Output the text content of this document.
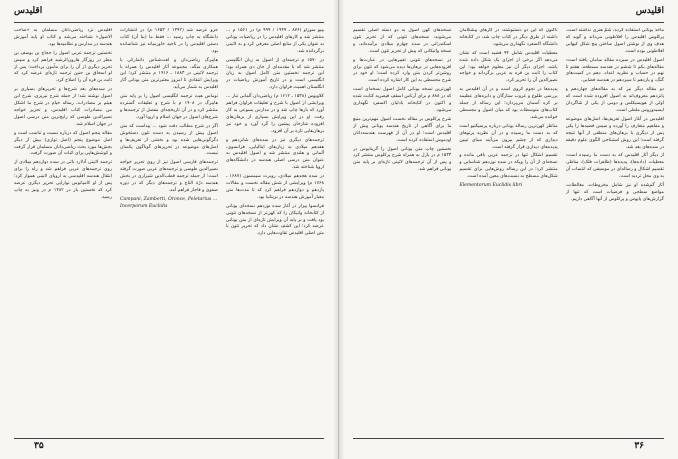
اقلیدس

مِیو سوزاو (۸۷۶ ـ ۱۹۴۹ / ۹۹۹ م) در ۱۵۶۱ م ... منتشر شد و کارهای اقلیدس را در ریاضیات یونانی به عنوان یکی از منابع اصلی معرفی کرد و به لاتینی برگردانده شد.

در ۱۵۷۰ م ترجمه‌ای از اصول به زبان انگلیسی منتشر شد که با مقدمه‌ای از جان دی همراه بود؛ این ترجمه نخستین متن کامل اصول به زبان انگلیسی است و در تاریخ آموزش ریاضیات در انگلستان اهمیت فراوان دارد.

کلاویوس (۱۵۳۸ ـ ۱۶۱۲ م) ریاضی‌دان آلمانی تبار ... ویرایشی از اصول با شرح و تعلیقات فراوان فراهم آورد که بارها چاپ شد و در مدارس یسوعی به کار رفت. او در این ویرایش بسیاری از برهان‌های افزوده شارحان پیشین را گرد آورد و خود نیز برهان‌هایی تازه بر آن افزود.

ترجمه‌های دیگری نیز در سده‌های شانزدهم و هفدهم میلادی به زبان‌های ایتالیایی، فرانسوی، آلمانی و هلندی منتشر شد و اصول اقلیدس به عنوان متن درسی اصلی هندسه در دانشگاه‌های اروپا شناخته شد.

در سده هجدهم میلادی، روبرت سیمسون (۱۶۸۷ ـ ۱۷۶۸ م) ویرایشی از شش مقاله نخست و مقالات یازدهم و دوازدهم فراهم کرد که تا مدت‌ها متن معیار آموزش هندسه در بریتانیا بود.

فرانسوا پیرار در آغاز سده نوزدهم نسخه‌ای یونانی از کتابخانه واتیکان را که کهن‌تر از نسخه‌های تئونی بود یافت و بر پایه آن ویرایش تازه‌ای از متن یونانی عرضه کرد؛ این کشف نشان داد که تحریر تئون با متن اصلی اقلیدس تفاوت‌هایی دارد.

جزو عرضه شد (۱۳۹۲ / ۱۶۵۳ م) در انتشارات دانشگاه به چاپ رسید ... فقط ما (بنا آن) کتاب دستی اقلیدس را در ناحیه خاورمیانه نیز شناسانده بود.

هایبرگ ریاضی‌دان و لغت‌شناس دانمارکی با همکاری منگه، مجموعه آثار اقلیدس را همراه با ترجمه لاتینی در ۱۸۸۳ ـ ۱۹۱۶ م منتشر کرد؛ این ویرایش انتقادی تا امروز معتبرترین متن یونانی آثار اقلیدس به شمار می‌آید.

توماس هیث ترجمه انگلیسی اصول را بر پایه متن هایبرگ در ۱۹۰۸ م با شرح و تعلیقات گسترده منتشر کرد و در آن تاریخچه‌ای مفصل از ترجمه‌ها و شرح‌های اصول در جهان اسلام و اروپا آورد.

اگر در شرح مطالب دقت شود ... پیداست که متن اصول پیش از رسیدن به دست تئون دستخوش دگرگونی‌هایی شده بود و بخشی از تعریف‌ها و اصل‌های موضوعه در تحریرهای گوناگون یکسان نیست.

ترجمه‌های فارسی اصول نیز از روی تحریر خواجه نصیرالدین طوسی و ترجمه‌های عربی صورت گرفته است؛ از جمله ترجمه قطب‌الدین شیرازی در بخش هندسه درّة التاج و ترجمه‌های دیگر که در دوره صفوی و قاجار فراهم آمد.

Campani, Zamberti, Oronce, Peletarius ... Incerporum Euclidis

اقلیدس نزد ریاضی‌دانان مسلمان به «صاحب الاصول» شناخته می‌شد و کتاب او پایه آموزش هندسه در مدارس و نظامیه‌ها بود.

نخستین ترجمه عربی اصول را حجاج بن یوسف بن مطر در روزگار هارون‌الرشید فراهم کرد و سپس تحریر دیگری از آن را برای مأمون پرداخت؛ پس از او اسحاق بن حنین ترجمه تازه‌ای عرضه کرد که ثابت بن قره آن را اصلاح کرد.

در سده‌های بعد شرح‌ها و تحریرهای بسیاری بر اصول نوشته شد؛ از جمله شرح نیریزی، شرح ابن هیثم بر مصادرات، رساله خیام در شرح ما اشکل من مصادرات کتاب اقلیدس، و تحریر خواجه نصیرالدین طوسی که رایج‌ترین متن درسی اصول در جهان اسلام شد.

مقاله پنجم اصول که درباره نسبت و تناسب است و اصل موضوع پنجم (اصل توازی) بیش از دیگر بخش‌ها مورد بحث ریاضی‌دانان مسلمان قرار گرفت و کوشش‌هایی برای اثبات آن صورت گرفت.

ترجمه لاتینی آدلارد باثی در سده دوازدهم میلادی از روی ترجمه‌های عربی فراهم شد و راه را برای انتقال هندسه اقلیدسی به اروپای لاتینی هموار کرد؛ پس از او کامپانوس نوارایی تحریر دیگری عرضه کرد که نخستین بار در ۱۴۸۲ م در ونیز به چاپ رسید.

۳۵
اقلیدس

مآخذ یونانی استفاده کرده، شمّ هنری نداشته است. پرکلوس اقلیدس را افلاطونی می‌داند و گوید که هدف وی از نوشتن اصول ساختن پنج شکل کیهانی افلاطونی بوده است.

اصول اقلیدس در سیزده مقاله سامان یافته است: مقاله‌های یکم تا ششم در هندسه مسطحه، هفتم تا نهم در حساب و نظریه اعداد، دهم در کمیت‌های گنگ، و یازدهم تا سیزدهم در هندسه فضایی.

دو مقاله دیگر نیز که به مقاله‌های چهاردهم و پانزدهم معروف‌اند به اصول افزوده شده است که اولی از هوپسیکلس و دومی از یکی از شاگردان ایسیدوروس ملطی است.

اقلیدس در آغاز اصول تعریف‌ها، اصل‌های موضوعه و مفاهیم متعارف را آورده و سپس قضیه‌ها را یکی پس از دیگری با برهان‌های منطقی از آنها نتیجه گرفته است؛ این روش استنتاجی الگوی علوم دقیقه در سده‌های بعد شد.

از دیگر آثار اقلیدس که به دست ما رسیده است: معطیات (داده‌ها)، پدیده‌ها (ظاهرات فلک)، مناظر، تقسیم اشکال و رساله‌ای در موسیقی که انتساب آن به وی محل تردید است.

آثار گم‌شده او نیز شامل مخروطات، مغالطات، مواضع سطحی و فرضیات است که تنها از گزارش‌های پاپوس و پرکلوس از آنها آگاهی داریم.

تاکنون که این دو دستنوشته، در کارهای پیشگامان داشته از طرق دیگر در کتاب چاپ شد، در کتابخانه دانشگاه اکسفرد نگهداری می‌شود.

معطیات اقلیدس شامل ۹۴ قضیه است که نشان می‌دهد اگر برخی از اجزای یک شکل داده شده باشد، اجزای دیگر آن نیز معلوم خواهد بود؛ این کتاب را ثابت بن قره به عربی برگرداند و خواجه نصیرالدین آن را تحریر کرد.

پدیده‌ها در نجوم کروی است و در آن اقلیدس به بررسی طلوع و غروب ستارگان و دایره‌های عظیمه بر کره آسمان می‌پردازد؛ این رساله از جمله کتاب‌های متوسطات بود که میان اصول و مجسطی خوانده می‌شد.

مناظر کهن‌ترین رساله یونانی درباره پرسپکتیو است که به دست ما رسیده و در آن نظریه پرتوهای دیداری که از چشم بیرون می‌آیند مبنای تبیین پدیده‌های دیداری قرار گرفته است.

تقسیم اشکال تنها در ترجمه عربی باقی مانده و نسخه‌ای از آن را وپکه در سده نوزدهم شناسایی و منتشر کرد؛ در این رساله روش‌هایی برای تقسیم شکل‌های مسطح به نسبت‌های معین آمده است.

Elementorum Euclidis libri

نسخه‌های کهن اصول به دو دسته اصلی تقسیم می‌شوند: نسخه‌های تئونی که از تحریر تئون اسکندرانی در سده چهارم میلادی برآمده‌اند، و نسخه واتیکانی که پیش از تحریر تئون است.

در نسخه‌های تئونی تغییرهایی در عبارت‌ها و افزوده‌هایی در برهان‌ها دیده می‌شود که تئون برای روشن‌تر کردن متن وارد کرده است؛ او خود در شرح مجسطی به این کار اشاره کرده است.

کهن‌ترین نسخه یونانی کامل اصول نسخه‌ای است که در ۸۸۸ م برای آرتاس اسقف قیصریه کتابت شده و اکنون در کتابخانه بادلیان اکسفرد نگهداری می‌شود.

شرح پرکلوس بر مقاله نخست اصول مهم‌ترین منبع ما برای آگاهی از تاریخ هندسه یونانی پیش از اقلیدس است؛ او در آن از فهرست هندسه‌دانان اودموس استفاده کرده است.

نخستین چاپ متن یونانی اصول را گرینایوس در ۱۵۳۳ م در بازل به همراه شرح پرکلوس منتشر کرد و پس از آن ترجمه‌های لاتینی تازه‌ای بر پایه متن یونانی فراهم شد.

۳۶
